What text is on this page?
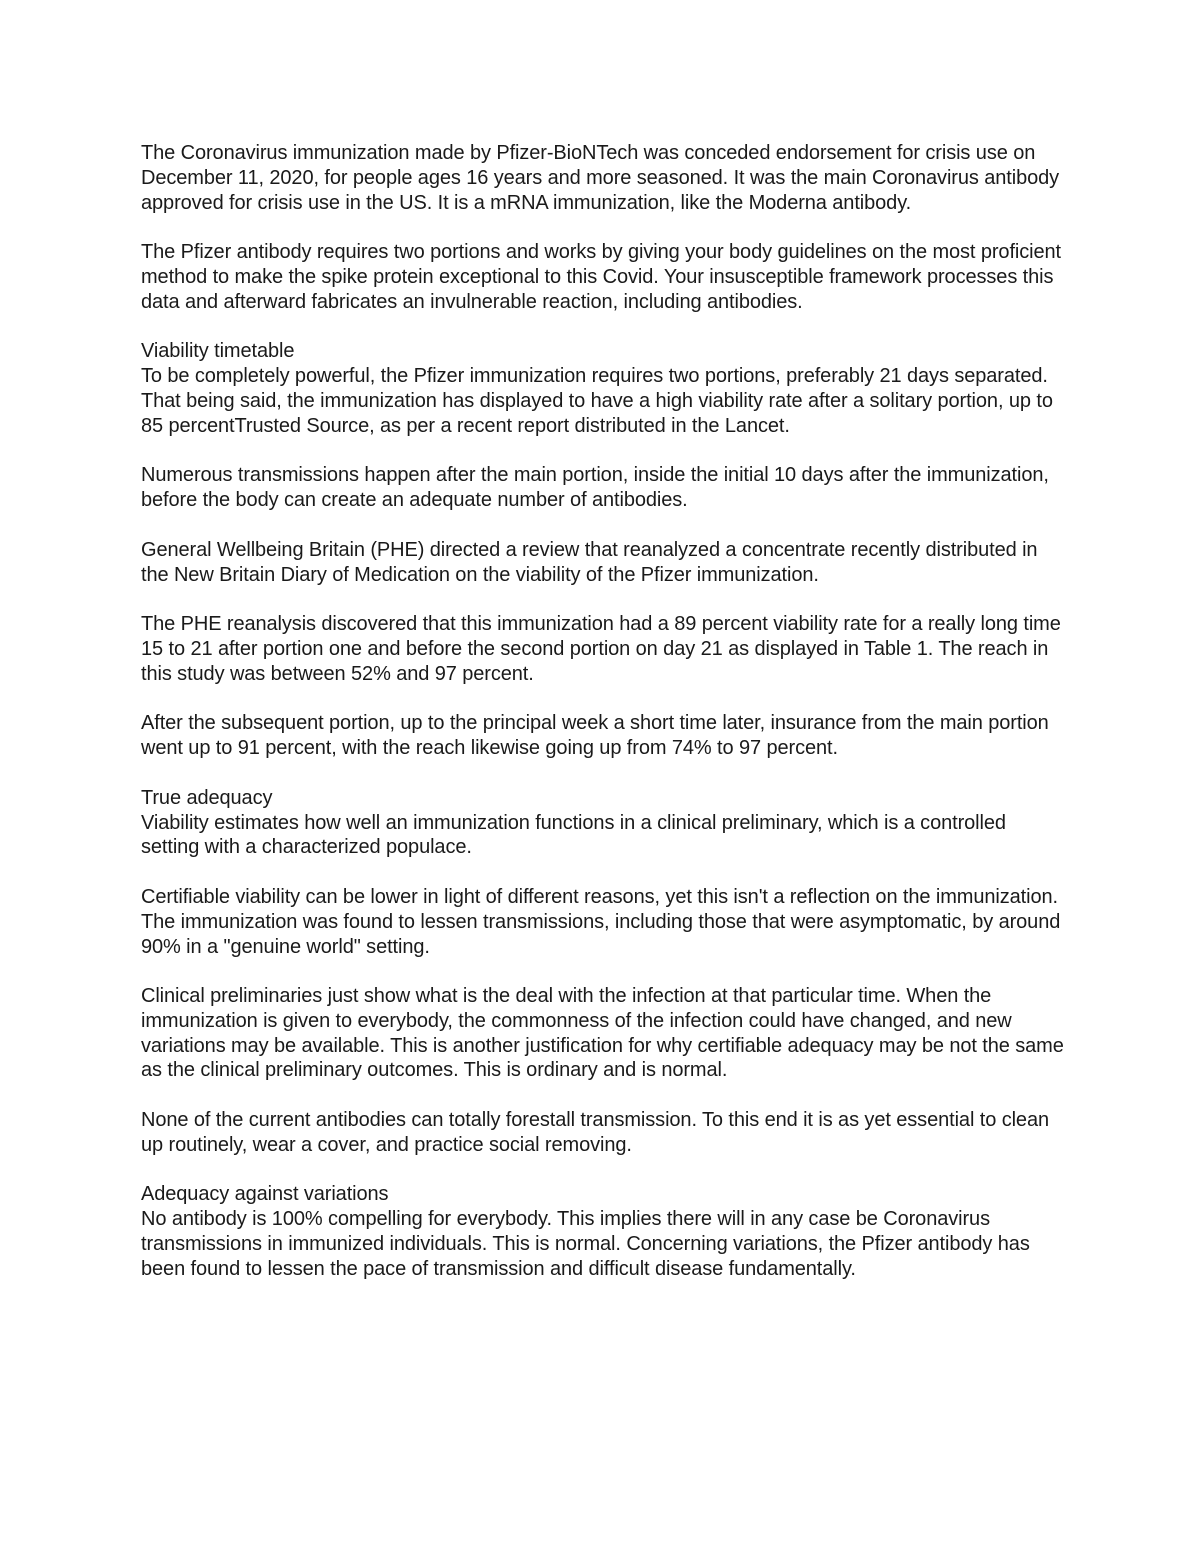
The Coronavirus immunization made by Pfizer-BioNTech was conceded endorsement for crisis use on December 11, 2020, for people ages 16 years and more seasoned. It was the main Coronavirus antibody approved for crisis use in the US. It is a mRNA immunization, like the Moderna antibody.

The Pfizer antibody requires two portions and works by giving your body guidelines on the most proficient method to make the spike protein exceptional to this Covid. Your insusceptible framework processes this data and afterward fabricates an invulnerable reaction, including antibodies.

Viability timetable
To be completely powerful, the Pfizer immunization requires two portions, preferably 21 days separated. That being said, the immunization has displayed to have a high viability rate after a solitary portion, up to 85 percentTrusted Source, as per a recent report distributed in the Lancet.

Numerous transmissions happen after the main portion, inside the initial 10 days after the immunization, before the body can create an adequate number of antibodies.

General Wellbeing Britain (PHE) directed a review that reanalyzed a concentrate recently distributed in the New Britain Diary of Medication on the viability of the Pfizer immunization.

The PHE reanalysis discovered that this immunization had a 89 percent viability rate for a really long time 15 to 21 after portion one and before the second portion on day 21 as displayed in Table 1. The reach in this study was between 52% and 97 percent.

After the subsequent portion, up to the principal week a short time later, insurance from the main portion went up to 91 percent, with the reach likewise going up from 74% to 97 percent.

True adequacy
Viability estimates how well an immunization functions in a clinical preliminary, which is a controlled setting with a characterized populace.

Certifiable viability can be lower in light of different reasons, yet this isn't a reflection on the immunization. The immunization was found to lessen transmissions, including those that were asymptomatic, by around 90% in a "genuine world" setting.

Clinical preliminaries just show what is the deal with the infection at that particular time. When the immunization is given to everybody, the commonness of the infection could have changed, and new variations may be available. This is another justification for why certifiable adequacy may be not the same as the clinical preliminary outcomes. This is ordinary and is normal.

None of the current antibodies can totally forestall transmission. To this end it is as yet essential to clean up routinely, wear a cover, and practice social removing.

Adequacy against variations
No antibody is 100% compelling for everybody. This implies there will in any case be Coronavirus transmissions in immunized individuals. This is normal. Concerning variations, the Pfizer antibody has been found to lessen the pace of transmission and difficult disease fundamentally.
